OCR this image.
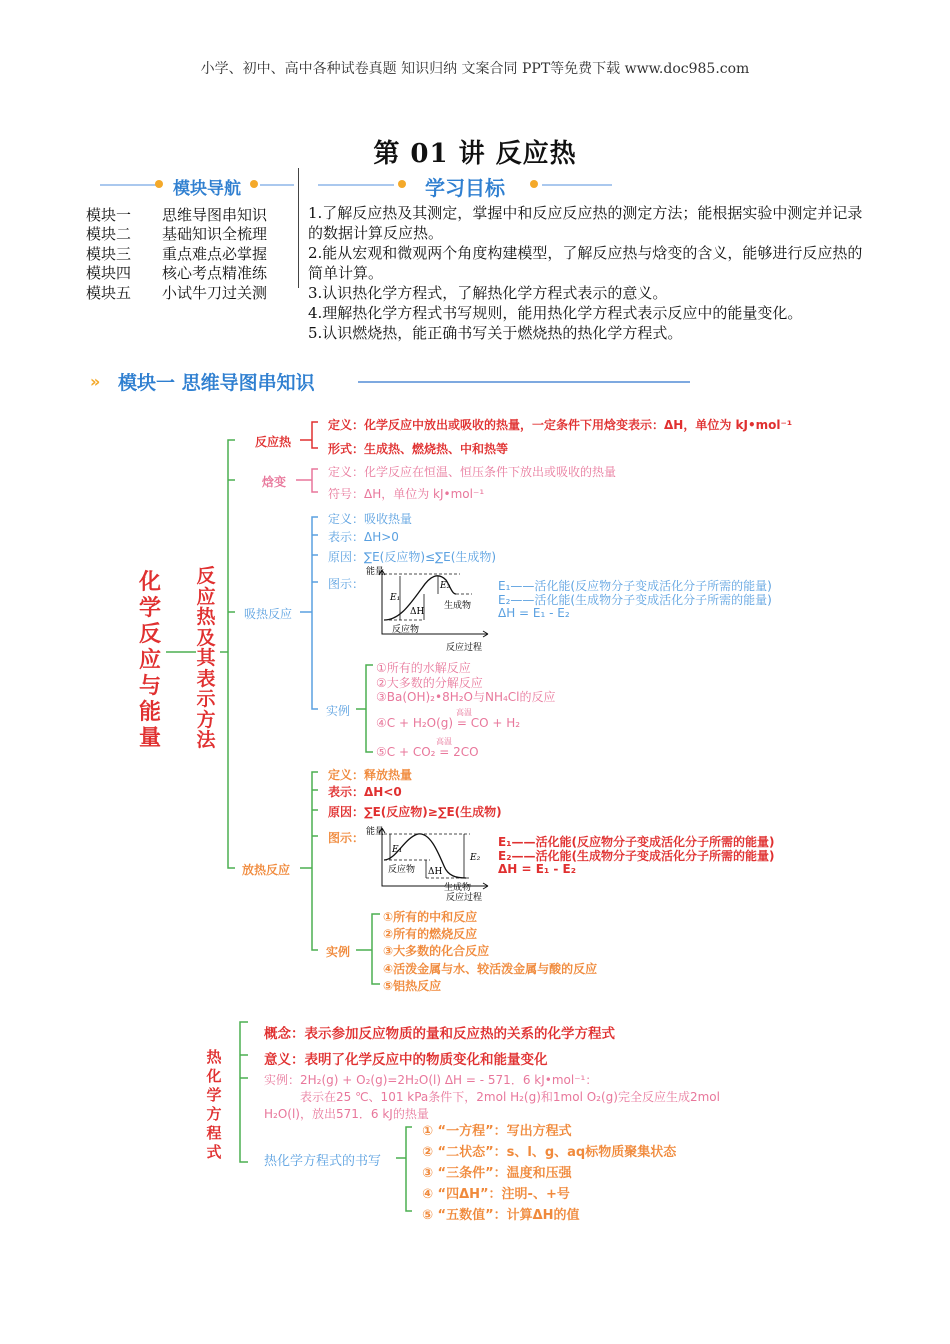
小学、初中、高中各种试卷真题 知识归纳 文案合同 PPT等免费下载 www.doc985.com
第 01 讲 反应热
模块导航	学习目标
模块一	思维导图串知识
模块二	基础知识全梳理
模块三	重点难点必掌握
模块四	核心考点精准练
模块五	小试牛刀过关测
1.了解反应热及其测定，掌握中和反应反应热的测定方法；能根据实验中测定并记录的数据计算反应热。
2.能从宏观和微观两个角度构建模型，了解反应热与焓变的含义，能够进行反应热的简单计算。
3.认识热化学方程式，了解热化学方程式表示的意义。
4.理解热化学方程式书写规则，能用热化学方程式表示反应中的能量变化。
5.认识燃烧热，能正确书写关于燃烧热的热化学方程式。
» 模块一 思维导图串知识
化学反应与能量
反应热及其表示方法
反应热
定义：化学反应中放出或吸收的热量，一定条件下用焓变表示：ΔH，单位为 kJ•mol⁻¹
形式：生成热、燃烧热、中和热等
焓变
定义：化学反应在恒温、恒压条件下放出或吸收的热量
符号：ΔH，单位为 kJ•mol⁻¹
吸热反应
定义：吸收热量
表示：ΔH>0
原因：∑E(反应物)≤∑E(生成物)
图示：
能量
反应过程
反应物
生成物
E₁
E₂
ΔH
E₁——活化能(反应物分子变成活化分子所需的能量)
E₂——活化能(生成物分子变成活化分子所需的能量)
ΔH = E₁ - E₂
实例
①所有的水解反应
②大多数的分解反应
③Ba(OH)₂•8H₂O与NH₄Cl的反应
高温
④C + H₂O(g) = CO + H₂
高温
⑤C + CO₂ = 2CO
放热反应
定义：释放热量
表示：ΔH<0
原因：∑E(反应物)≥∑E(生成物)
图示： 能量
反应过程
反应物
生成物
E₁
E₂
ΔH
E₁——活化能(反应物分子变成活化分子所需的能量)
E₂——活化能(生成物分子变成活化分子所需的能量)
ΔH = E₁ - E₂
实例
①所有的中和反应
②所有的燃烧反应
③大多数的化合反应
④活泼金属与水、较活泼金属与酸的反应
⑤铝热反应
热化学方程式
概念：表示参加反应物质的量和反应热的关系的化学方程式
意义：表明了化学反应中的物质变化和能量变化
实例：2H₂(g) + O₂(g)=2H₂O(l) ΔH = - 571．6 kJ•mol⁻¹：
表示在25 ℃、101 kPa条件下，2mol H₂(g)和1mol O₂(g)完全反应生成2mol
H₂O(l)，放出571．6 kJ的热量
热化学方程式的书写
① “一方程”：写出方程式
② “二状态”：s、l、g、aq标物质聚集状态
③ “三条件”：温度和压强
④ “四ΔH”：注明-、+号
⑤ “五数值”：计算ΔH的值
